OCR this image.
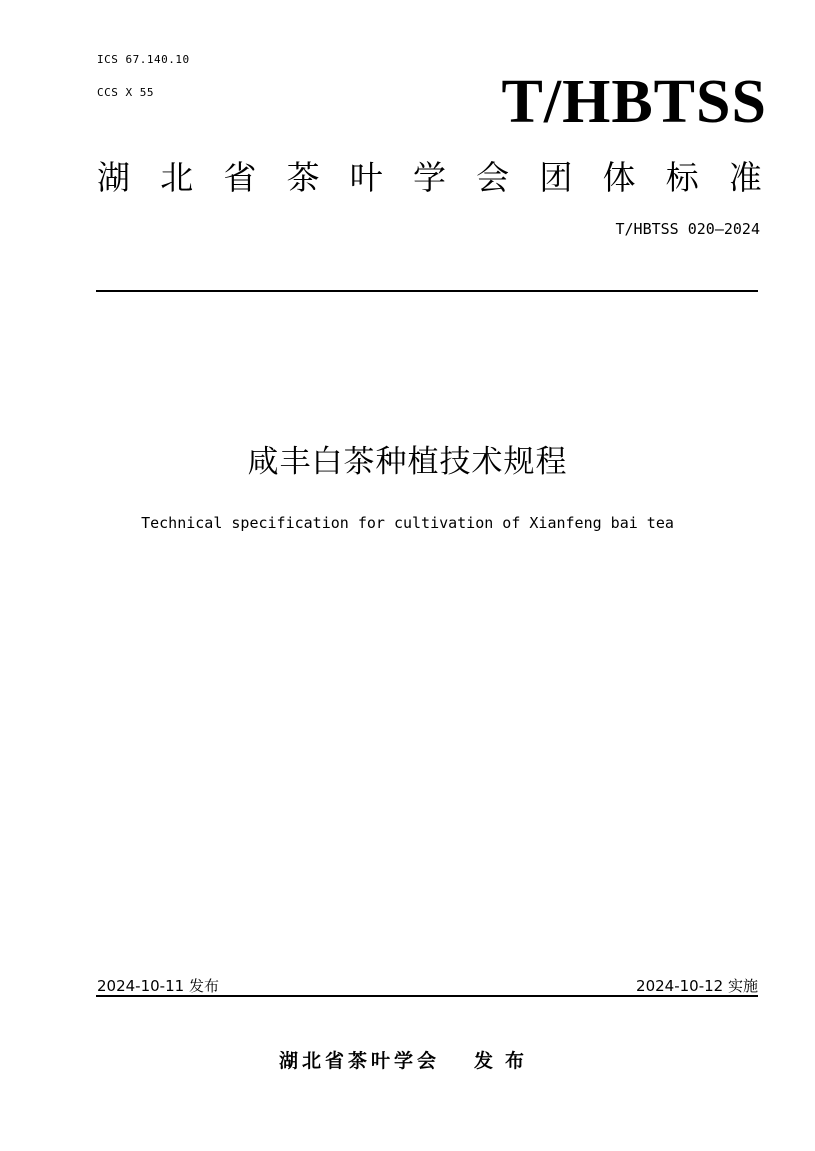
ICS 67.140.10
CCS X 55	T/HBTSS
湖 北 省 茶 叶 学 会 团 体 标 准
T/HBTSS 020—2024
咸丰白茶种植技术规程
Technical specification for cultivation of Xianfeng bai tea
2024-10-11 发布	2024-10-12 实施
湖北省茶叶学会 发布
